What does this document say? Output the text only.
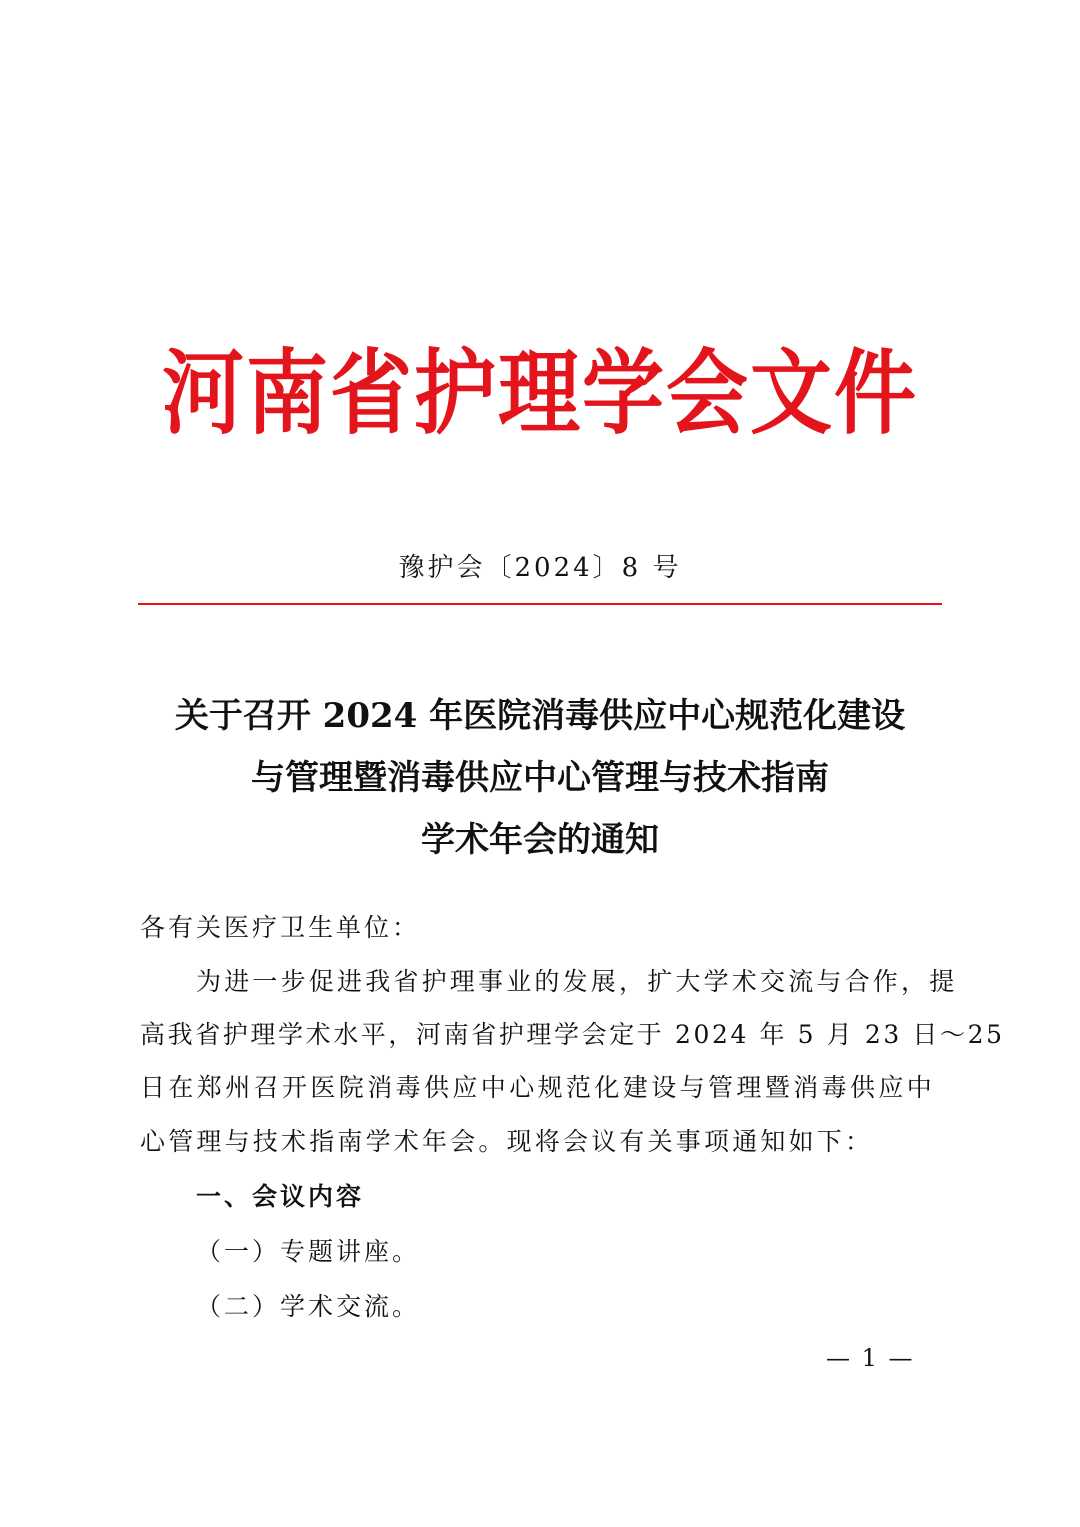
河南省护理学会文件
豫护会〔2024〕8 号
关于召开 2024 年医院消毒供应中心规范化建设
与管理暨消毒供应中心管理与技术指南
学术年会的通知
各有关医疗卫生单位：
为进一步促进我省护理事业的发展，扩大学术交流与合作，提
高我省护理学术水平，河南省护理学会定于 2024 年 5 月 23 日～25
日在郑州召开医院消毒供应中心规范化建设与管理暨消毒供应中
心管理与技术指南学术年会。现将会议有关事项通知如下：
一、会议内容
（一）专题讲座。
（二）学术交流。
— 1 —
